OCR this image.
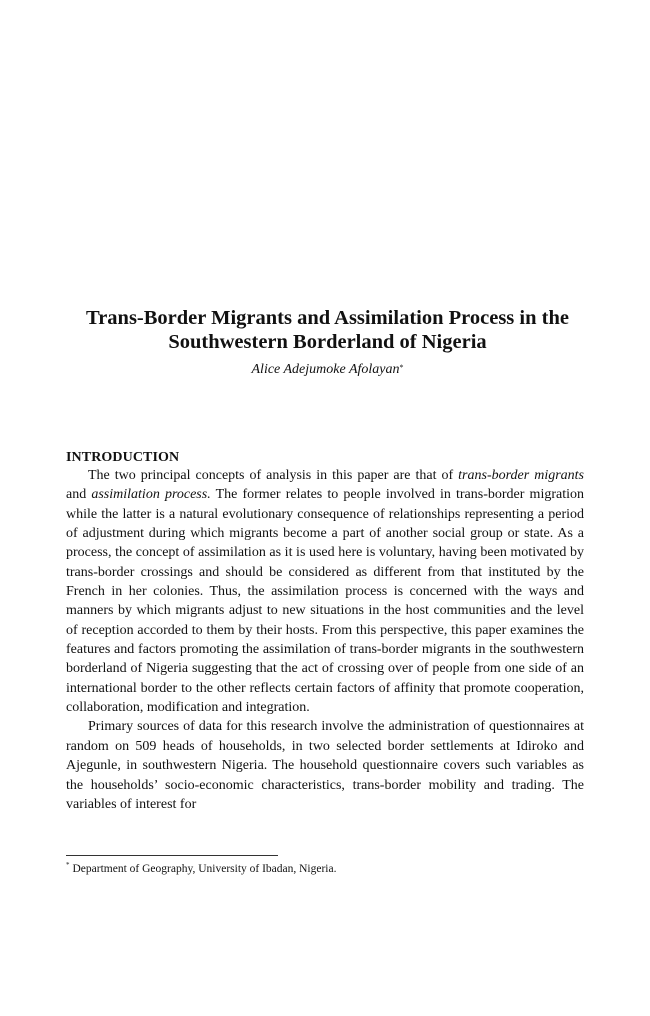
Trans-Border Migrants and Assimilation Process in the
Southwestern Borderland of Nigeria
Alice Adejumoke Afolayan*
INTRODUCTION

The two principal concepts of analysis in this paper are that of trans-border migrants and assimilation process. The former relates to people involved in trans-border migration while the latter is a natural evolutionary consequence of relationships representing a period of adjustment during which migrants become a part of another social group or state. As a process, the concept of assimilation as it is used here is voluntary, having been motivated by trans-border crossings and should be considered as different from that instituted by the French in her colonies. Thus, the assimilation process is concerned with the ways and manners by which migrants adjust to new situations in the host communities and the level of reception accorded to them by their hosts. From this perspective, this paper examines the features and factors promoting the assimilation of trans-border migrants in the southwestern borderland of Nigeria suggesting that the act of crossing over of people from one side of an international border to the other reflects certain factors of affinity that promote cooperation, collaboration, modification and integration.

Primary sources of data for this research involve the administration of questionnaires at random on 509 heads of households, in two selected border settlements at Idiroko and Ajegunle, in southwestern Nigeria. The household questionnaire covers such variables as the households’ socio-economic characteristics, trans-border mobility and trading. The variables of interest for

* Department of Geography, University of Ibadan, Nigeria.
